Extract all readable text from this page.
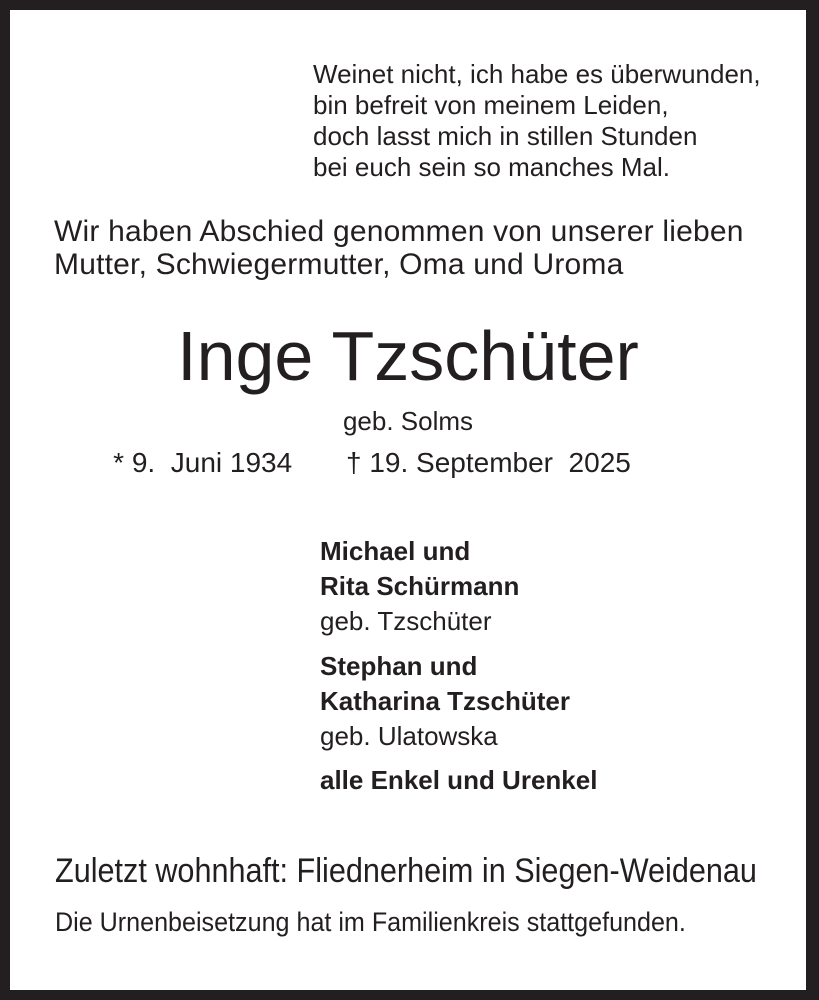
Weinet nicht, ich habe es überwunden,
bin befreit von meinem Leiden,
doch lasst mich in stillen Stunden
bei euch sein so manches Mal.
Wir haben Abschied genommen von unserer lieben
Mutter, Schwiegermutter, Oma und Uroma
Inge Tzschüter
geb. Solms
* 9.  Juni 1934 † 19. September  2025
Michael und
Rita Schürmann
geb. Tzschüter
Stephan und
Katharina Tzschüter
geb. Ulatowska
alle Enkel und Urenkel
Zuletzt wohnhaft: Fliednerheim in Siegen-Weidenau
Die Urnenbeisetzung hat im Familienkreis stattgefunden.
